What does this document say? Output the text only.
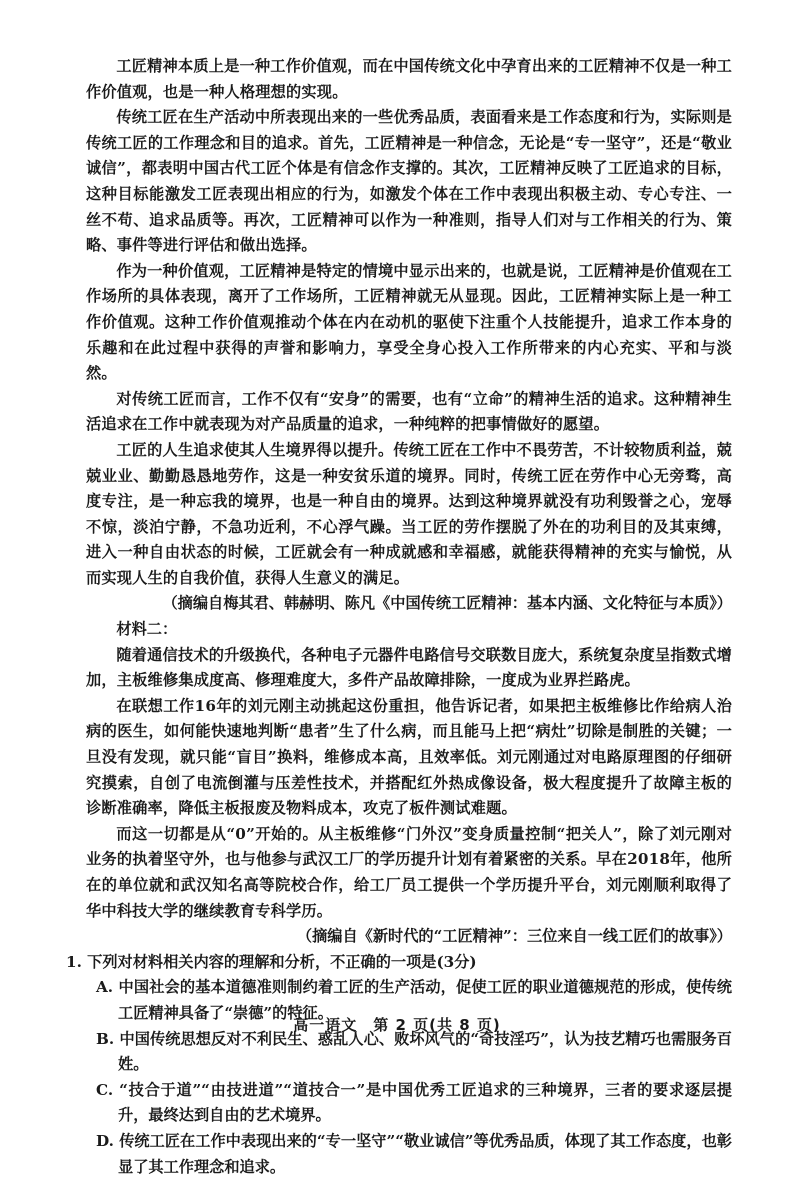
工匠精神本质上是一种工作价值观，而在中国传统文化中孕育出来的工匠精神不仅是一种工作价值观，也是一种人格理想的实现。

传统工匠在生产活动中所表现出来的一些优秀品质，表面看来是工作态度和行为，实际则是传统工匠的工作理念和目的追求。首先，工匠精神是一种信念，无论是“专一坚守”，还是“敬业诚信”，都表明中国古代工匠个体是有信念作支撑的。其次，工匠精神反映了工匠追求的目标，这种目标能激发工匠表现出相应的行为，如激发个体在工作中表现出积极主动、专心专注、一丝不苟、追求品质等。再次，工匠精神可以作为一种准则，指导人们对与工作相关的行为、策略、事件等进行评估和做出选择。

作为一种价值观，工匠精神是特定的情境中显示出来的，也就是说，工匠精神是价值观在工作场所的具体表现，离开了工作场所，工匠精神就无从显现。因此，工匠精神实际上是一种工作价值观。这种工作价值观推动个体在内在动机的驱使下注重个人技能提升，追求工作本身的乐趣和在此过程中获得的声誉和影响力，享受全身心投入工作所带来的内心充实、平和与淡然。

对传统工匠而言，工作不仅有“安身”的需要，也有“立命”的精神生活的追求。这种精神生活追求在工作中就表现为对产品质量的追求，一种纯粹的把事情做好的愿望。

工匠的人生追求使其人生境界得以提升。传统工匠在工作中不畏劳苦，不计较物质利益，兢兢业业、勤勤恳恳地劳作，这是一种安贫乐道的境界。同时，传统工匠在劳作中心无旁骛，高度专注，是一种忘我的境界，也是一种自由的境界。达到这种境界就没有功利毁誉之心，宠辱不惊，淡泊宁静，不急功近利，不心浮气躁。当工匠的劳作摆脱了外在的功利目的及其束缚，进入一种自由状态的时候，工匠就会有一种成就感和幸福感，就能获得精神的充实与愉悦，从而实现人生的自我价值，获得人生意义的满足。

（摘编自梅其君、韩赫明、陈凡《中国传统工匠精神：基本内涵、文化特征与本质》）

材料二：

随着通信技术的升级换代，各种电子元器件电路信号交联数目庞大，系统复杂度呈指数式增加，主板维修集成度高、修理难度大，多件产品故障排除，一度成为业界拦路虎。

在联想工作16年的刘元刚主动挑起这份重担，他告诉记者，如果把主板维修比作给病人治病的医生，如何能快速地判断“患者”生了什么病，而且能马上把“病灶”切除是制胜的关键；一旦没有发现，就只能“盲目”换料，维修成本高，且效率低。刘元刚通过对电路原理图的仔细研究摸索，自创了电流倒灌与压差性技术，并搭配红外热成像设备，极大程度提升了故障主板的诊断准确率，降低主板报废及物料成本，攻克了板件测试难题。

而这一切都是从“0”开始的。从主板维修“门外汉”变身质量控制“把关人”，除了刘元刚对业务的执着坚守外，也与他参与武汉工厂的学历提升计划有着紧密的关系。早在2018年，他所在的单位就和武汉知名高等院校合作，给工厂员工提供一个学历提升平台，刘元刚顺利取得了华中科技大学的继续教育专科学历。

（摘编自《新时代的“工匠精神”：三位来自一线工匠们的故事》）

1. 下列对材料相关内容的理解和分析，不正确的一项是(3分)

A. 中国社会的基本道德准则制约着工匠的生产活动，促使工匠的职业道德规范的形成，使传统工匠精神具备了“崇德”的特征。

B. 中国传统思想反对不利民生、惑乱人心、败坏风气的“奇技淫巧”，认为技艺精巧也需服务百姓。

C. “技合于道”“由技进道”“道技合一”是中国优秀工匠追求的三种境界，三者的要求逐层提升，最终达到自由的艺术境界。

D. 传统工匠在工作中表现出来的“专一坚守”“敬业诚信”等优秀品质，体现了其工作态度，也彰显了其工作理念和追求。

高一语文　第 2 页(共 8 页)
